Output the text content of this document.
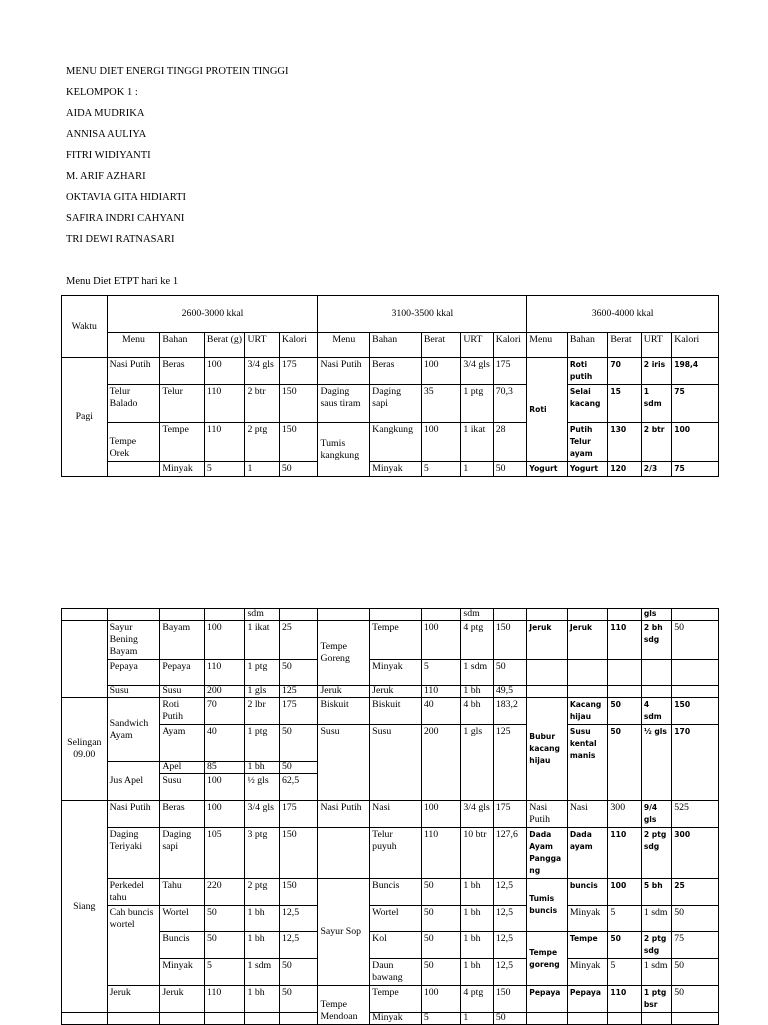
MENU DIET ENERGI TINGGI PROTEIN TINGGI
KELOMPOK 1 :
AIDA MUDRIKA
ANNISA AULIYA
FITRI WIDIYANTI
M. ARIF AZHARI
OKTAVIA GITA HIDIARTI
SAFIRA INDRI CAHYANI
TRI DEWI RATNASARI
Menu Diet ETPT hari ke 1
Waktu	2600-3000 kkal					3100-3500 kkal					3600-4000 kkal				
	Menu	Bahan	Berat (g)	URT	Kalori	Menu	Bahan	Berat	URT	Kalori	Menu	Bahan	Berat	URT	Kalori
Pagi	Nasi Putih	Beras	100	3/4 gls	175	Nasi Putih	Beras	100	3/4 gls	175	Roti	Roti putih	70	2 iris	198,4
	Telur Balado	Telur	110	2 btr	150	Daging saus tiram	Daging sapi	35	1 ptg	70,3		Selai kacang	15	1 sdm	75
	Tempe Orek	Tempe	110	2 ptg	150	Tumis kangkung	Kangkung	100	1 ikat	28		Putih Telur ayam	130	2 btr	100
		Minyak	5	1	50		Minyak	5	1	50	Yogurt	Yogurt	120	2/3	75
				sdm					sdm					gls	
	Sayur Bening Bayam	Bayam	100	1 ikat	25	Tempe Goreng	Tempe	100	4 ptg	150	Jeruk	Jeruk	110	2 bh sdg	50
	Pepaya	Pepaya	110	1 ptg	50		Minyak	5	1 sdm	50					
	Susu	Susu	200	1 gls	125	Jeruk	Jeruk	110	1 bh	49,5					
Selingan 09.00	Sandwich Ayam	Roti Putih	70	2 lbr	175	Biskuit	Biskuit	40	4 bh	183,2	Bubur kacang hijau	Kacang hijau	50	4 sdm	150
		Ayam	40	1 ptg	50	Susu	Susu	200	1 gls	125		Susu kental manis	50	½ gls	170
	Jus Apel	Apel	85	1 bh	50										
		Susu	100	½ gls	62,5										
Siang	Nasi Putih	Beras	100	3/4 gls	175	Nasi Putih	Nasi	100	3/4 gls	175	Nasi Putih	Nasi	300	9/4 gls	525
	Daging Teriyaki	Daging sapi	105	3 ptg	150		Telur puyuh	110	10 btr	127,6	Dada Ayam Panggang	Dada ayam	110	2 ptg sdg	300
	Perkedel tahu	Tahu	220	2 ptg	150	Sayur Sop	Buncis	50	1 bh	12,5	Tumis buncis	buncis	100	5 bh	25
	Cah buncis wortel	Wortel	50	1 bh	12,5		Wortel	50	1 bh	12,5		Minyak	5	1 sdm	50
		Buncis	50	1 bh	12,5		Kol	50	1 bh	12,5	Tempe goreng	Tempe	50	2 ptg sdg	75
		Minyak	5	1 sdm	50		Daun bawang	50	1 bh	12,5		Minyak	5	1 sdm	50
	Jeruk	Jeruk	110	1 bh	50	Tempe Mendoan	Tempe	100	4 ptg	150	Pepaya	Pepaya	110	1 ptg bsr	50
							Minyak	5	1	50					
